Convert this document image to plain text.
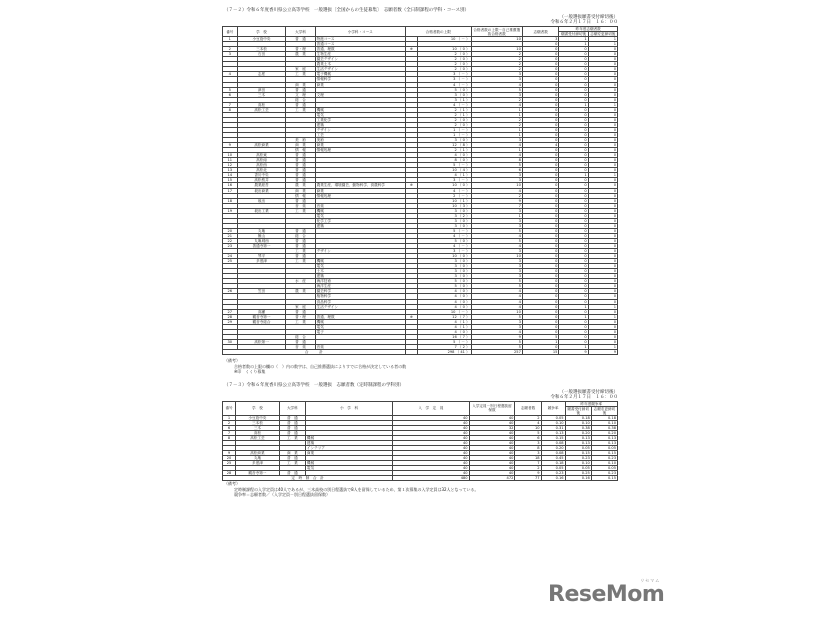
（７－２）令和６年度香川県公立高等学校　一般選抜〔全国からの生徒募集〕　志願者数（全日制課程の学科・コース別）
（一般選抜願書受付締切後）
令和６年２月１７日　１６：００
番号	学　校	大学科	小学科・コース	合格者数の上限		合格者数の上限－自己推薦選抜合格者数	志願者数	昨年度志願者数	
								願書受付締切後	志願変更締切後
1	小豆島中央	普　通	特進コース		10 （ － ）	10	3	1	1
			普通コース				0	1	1
2	三本松	普・理	普通、理数	※	10 （ 0 ）	10	0	0	0
3	石田	農　業	生物生産		2 （ 0 ）	2	0	0	0
			園芸デザイン		2 （ 0 ）	2	0	0	0
			農業土木		2 （ 0 ）	2	0	0	0
		家　庭	生活デザイン		2 （ 0 ）	2	0	0	0
4	志度	工　業	電子機械		3 （ － ）	3	0	0	0
			情報科学		3 （ － ）	3	0	0	0
		商　業	商業		4 （ － ）	4	0	0	0
5	津田	普　通			5 （ 0 ）	5	0	0	0
6	三木	文　理	文理		3 （ 0 ）	3	0	0	0
		総　合			3 （ 1 ）	2	0	0	0
7	高松	普　通			4 （ － ）	4	0	1	1
8	高松工芸	工　業	機械		2 （ 1 ）	1	0	0	0
			電気		2 （ 1 ）	1	0	0	0
			工業化学		2 （ 0 ）	2	0	0	0
			建築		2 （ 0 ）	2	0	0	0
			デザイン		1 （ － ）	1	0	0	0
			工芸		1 （ － ）	1	0	0	0
		美　術	美術		3 （ 0 ）	3	0	0	0
9	高松商業	商　業	商業		12 （ 8 ）	4	4	0	0
		情　報	情報処理		2 （ 1 ）	1	0	0	0
10	高松東	普　通			4 （ 0 ）	4	0	0	0
11	高松南	普　通			8 （ 0 ）	8	0	0	0
12	高松西	普　通			5 （ － ）	5	0	0	0
13	高松北	普　通			10 （ 4 ）	6	0	0	0
14	香川中央	普　通			4 （ 1 ）	3	0	1	1
15	高松桜井	普　通			3 （ － ）	3	0	0	0
16	農業経営	農　業	農業生産、環境園芸、動物科学、食農科学	※	10 （ 0 ）	10	0	0	0
17	坂出商業	商　業	商業		4 （ － ）	4	0	0	0
		情　報	情報処理		2 （ － ）	2	0	0	0
18	坂出	普　通			10 （ 1 ）	9	0	0	0
		音　楽	音楽		10 （ 3 ）	7	0	0	0
19	坂出工業	工　業	機械		3 （ 0 ）	3	0	0	0
			電気		3 （ 2 ）	1	0	0	0
			化学工学		3 （ 0 ）	3	0	0	0
			建築		3 （ 0 ）	3	0	0	0
20	丸亀	普　通			5 （ － ）	5	0	0	0
21	飯山	総　合			4 （ － ）	4	0	0	0
22	丸亀城西	普　通			5 （ 0 ）	5	0	0	0
23	善通寺第一	普　通			4 （ － ）	4	0	0	0
		工　業	デザイン		3 （ － ）	3	0	0	0
24	琴平	普　通			10 （ 0 ）	10	0	0	0
25	多度津	工　業	機械		3 （ 0 ）	3	0	0	0
			電気		3 （ 0 ）	3	0	0	0
			土木		3 （ 0 ）	3	0	0	0
			建築		3 （ 0 ）	3	0	0	0
		水　産	海洋技術		5 （ 0 ）	5	0	0	0
			海洋生産		5 （ 0 ）	5	0	0	0
26	笠田	農　業	園芸科学		4 （ 0 ）	4	0	0	0
			植物科学		4 （ 0 ）	4	0	0	0
			食品科学		4 （ 0 ）	4	0	0	0
		家　庭	生活デザイン		4 （ 0 ）	4	0	1	1
27	高瀬	普　通			10 （ － ）	10	0	0	0
28	観音寺第一	普・理	普通、理数	※	12 （ 7 ）	5	0	1	1
29	観音寺総合	工　業	機械		4 （ 1 ）	3	0	0	0
			電気		4 （ 1 ）	3	0	0	0
			電子		4 （ 0 ）	4	0	0	0
		総　合			16 （ 7 ）	9	5	0	0
30	高松第一	普　通			5 （ － ）	5	1	0	0
		音　楽	音楽		7 （ 2 ）	5	0	1	1
合　　　計					298 （ 41 ）	257	15	9	9
（備考）
合格者数の上限の欄の（　）内の数字は、自己推薦選抜によりすでに合格が決定している者の数
※印　くくり募集
（７－３）令和６年度香川県公立高等学校　一般選抜　志願者数（定時制課程の学科別）
（一般選抜願書受付締切後）
令和６年２月１７日　１６：００
番号	学　校	大学科	小　学　科	入　学　定　員	入学定員－別日程選抜留保数	志願者数	競争率	昨年度競争率	
								願書受付締切後	志願変更締切後
1	小豆島中央	普　通		40	40	2	0.05	0.18	0.18
2	三本松	普　通		40	40	4	0.10	0.10	0.10
6	三木	普　通		40	32	10	0.31	0.38	0.38
7	高松	普　通		40	40	5	0.13	0.20	0.20
8	高松工芸	工　業	機械	40	40	6	0.15	0.13	0.13
			建築	40	40	3	0.08	0.13	0.13
			インテリア	40	40	8	0.20	0.05	0.05
9	高松商業	商　業	商業	40	40	3	0.08	0.15	0.15
20	丸亀	普　通		40	40	18	0.45	0.23	0.23
25	多度津	工　業	機械	40	40	7	0.18	0.10	0.10
			電気	40	40	2	0.05	0.05	0.05
28	観音寺第一	普　通		40	40	9	0.23	0.25	0.23
定　時　制　合　計				480	472	77	0.16	0.16	0.15
（備考）
定時制課程の入学定員は40人であるが、三木高校の別日程選抜で8人を留保しているため、第１次募集の入学定員は32人となっている。
競争率＝志願者数／（入学定員－別日程選抜留保数）
ReseMom
リセマム
